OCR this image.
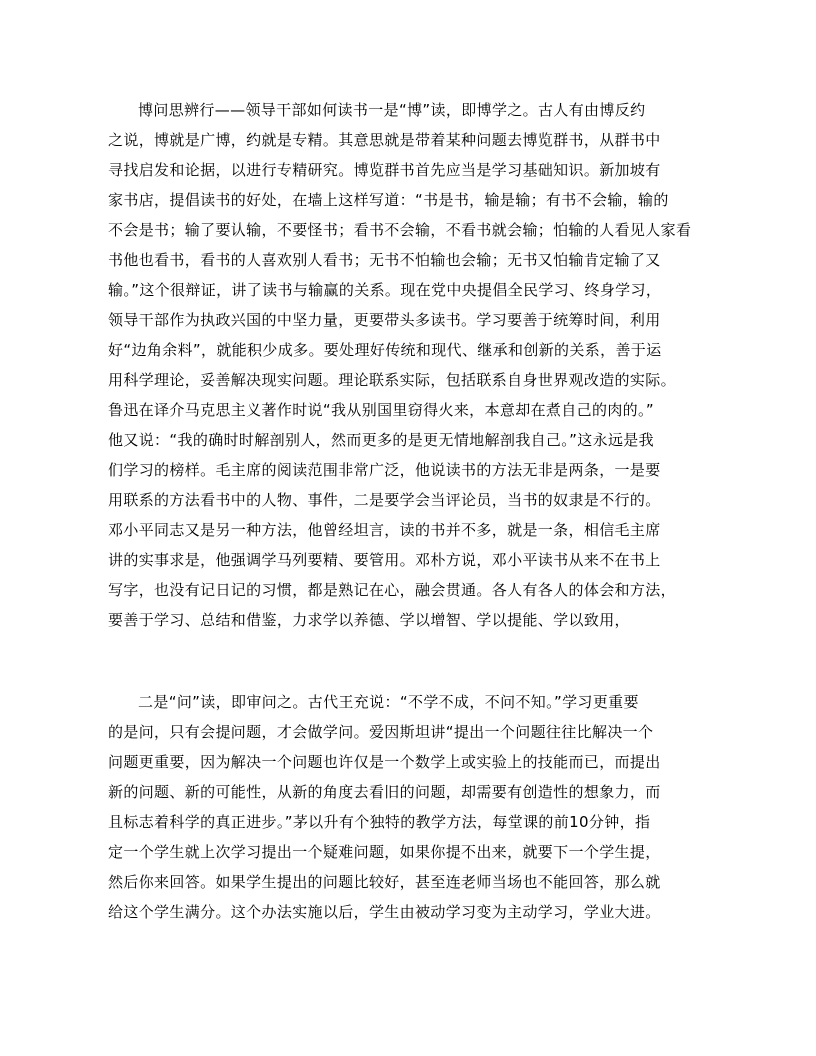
博问思辨行——领导干部如何读书一是“博”读，即博学之。古人有由博反约
之说，博就是广博，约就是专精。其意思就是带着某种问题去博览群书，从群书中
寻找启发和论据，以进行专精研究。博览群书首先应当是学习基础知识。新加坡有
家书店，提倡读书的好处，在墙上这样写道：“书是书，输是输；有书不会输，输的
不会是书；输了要认输，不要怪书；看书不会输，不看书就会输；怕输的人看见人家看
书他也看书，看书的人喜欢别人看书；无书不怕输也会输；无书又怕输肯定输了又
输。”这个很辩证，讲了读书与输赢的关系。现在党中央提倡全民学习、终身学习，
领导干部作为执政兴国的中坚力量，更要带头多读书。学习要善于统筹时间，利用
好“边角余料”，就能积少成多。要处理好传统和现代、继承和创新的关系，善于运
用科学理论，妥善解决现实问题。理论联系实际，包括联系自身世界观改造的实际。
鲁迅在译介马克思主义著作时说“我从别国里窃得火来，本意却在煮自己的肉的。”
他又说：“我的确时时解剖别人，然而更多的是更无情地解剖我自己。”这永远是我
们学习的榜样。毛主席的阅读范围非常广泛，他说读书的方法无非是两条，一是要
用联系的方法看书中的人物、事件，二是要学会当评论员，当书的奴隶是不行的。
邓小平同志又是另一种方法，他曾经坦言，读的书并不多，就是一条，相信毛主席
讲的实事求是，他强调学马列要精、要管用。邓朴方说，邓小平读书从来不在书上
写字，也没有记日记的习惯，都是熟记在心，融会贯通。各人有各人的体会和方法，
要善于学习、总结和借鉴，力求学以养德、学以增智、学以提能、学以致用，
二是“问”读，即审问之。古代王充说：“不学不成，不问不知。”学习更重要
的是问，只有会提问题，才会做学问。爱因斯坦讲“提出一个问题往往比解决一个
问题更重要，因为解决一个问题也许仅是一个数学上或实验上的技能而已，而提出
新的问题、新的可能性，从新的角度去看旧的问题，却需要有创造性的想象力，而
且标志着科学的真正进步。”茅以升有个独特的教学方法，每堂课的前10分钟，指
定一个学生就上次学习提出一个疑难问题，如果你提不出来，就要下一个学生提，
然后你来回答。如果学生提出的问题比较好，甚至连老师当场也不能回答，那么就
给这个学生满分。这个办法实施以后，学生由被动学习变为主动学习，学业大进。
